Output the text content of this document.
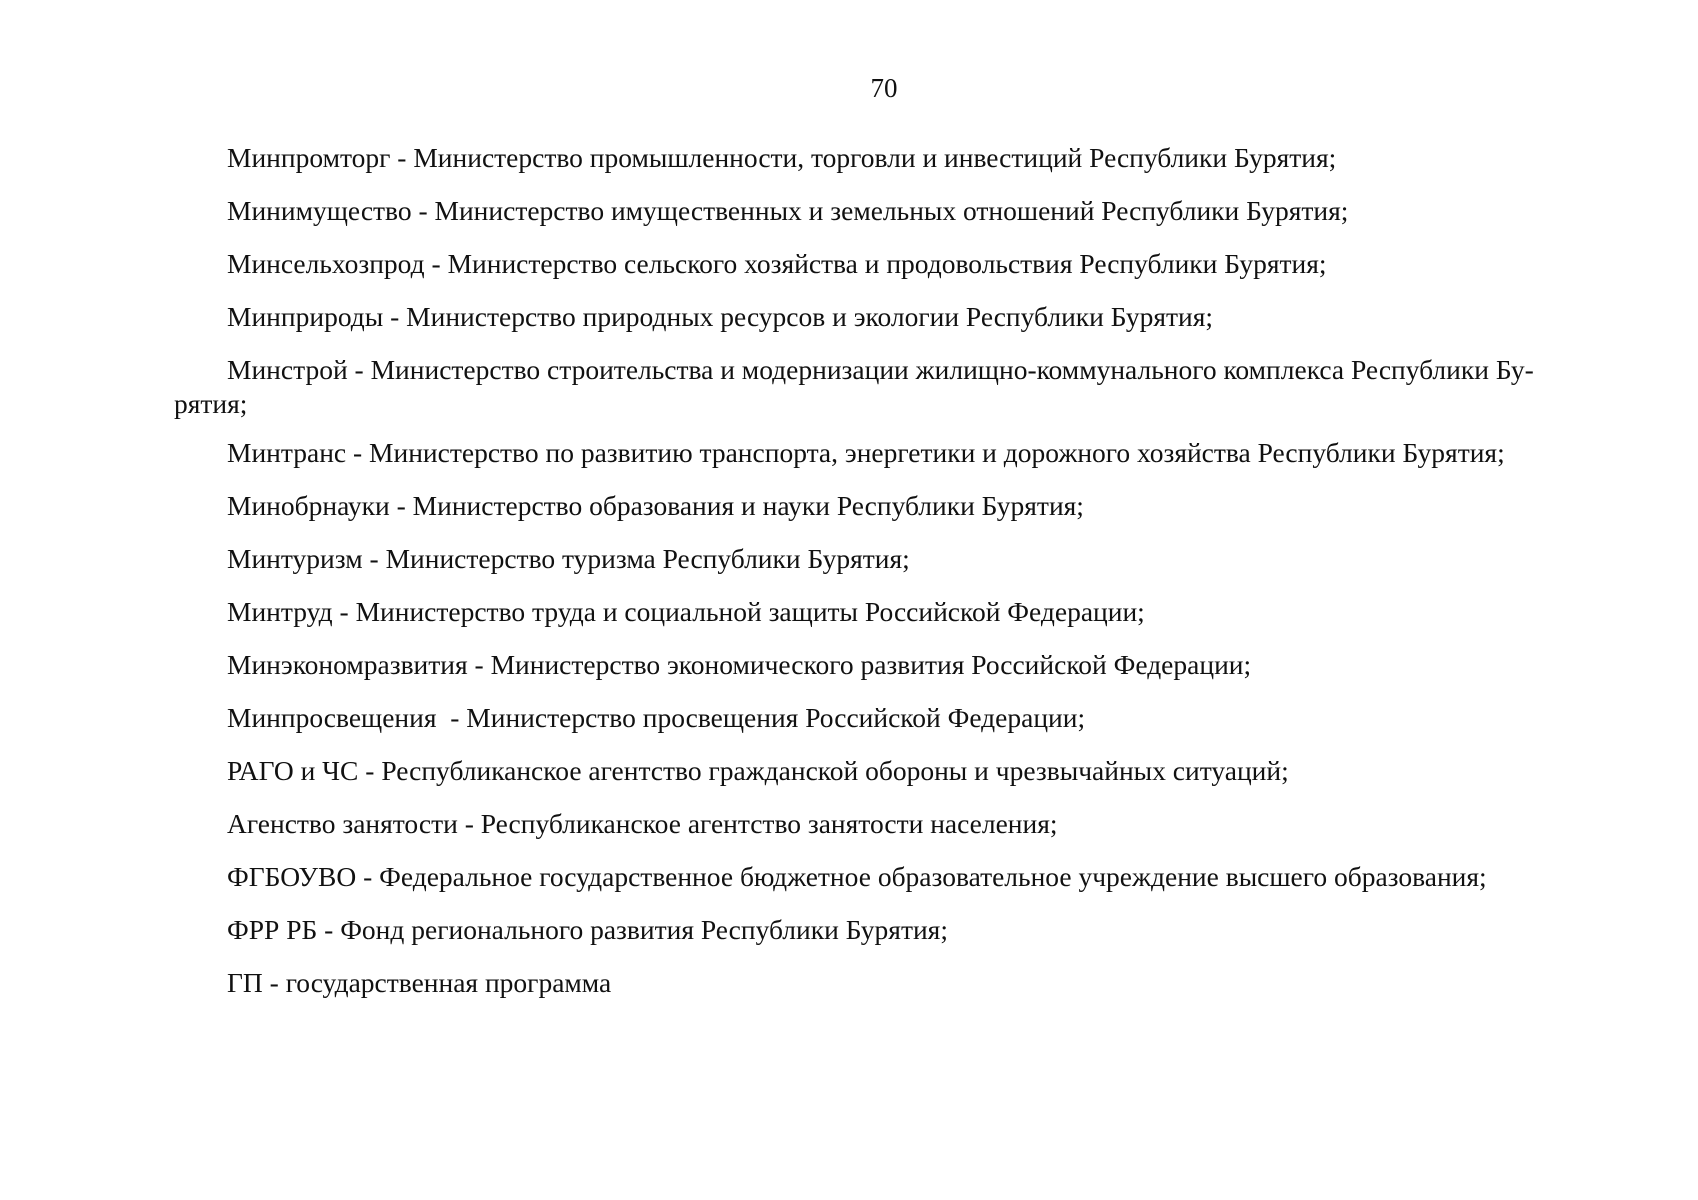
70

Минпромторг - Министерство промышленности, торговли и инвестиций Республики Бурятия;

Минимущество - Министерство имущественных и земельных отношений Республики Бурятия;

Минсельхозпрод - Министерство сельского хозяйства и продовольствия Республики Бурятия;

Минприроды - Министерство природных ресурсов и экологии Республики Бурятия;

Минстрой - Министерство строительства и модернизации жилищно-коммунального комплекса Республики Бу-рятия;

Минтранс - Министерство по развитию транспорта, энергетики и дорожного хозяйства Республики Бурятия;

Минобрнауки - Министерство образования и науки Республики Бурятия;

Минтуризм - Министерство туризма Республики Бурятия;

Минтруд - Министерство труда и социальной защиты Российской Федерации;

Минэкономразвития - Министерство экономического развития Российской Федерации;

Минпросвещения  - Министерство просвещения Российской Федерации;

РАГО и ЧС - Республиканское агентство гражданской обороны и чрезвычайных ситуаций;

Агенство занятости - Республиканское агентство занятости населения;

ФГБОУВО - Федеральное государственное бюджетное образовательное учреждение высшего образования;

ФРР РБ - Фонд регионального развития Республики Бурятия;

ГП - государственная программа
